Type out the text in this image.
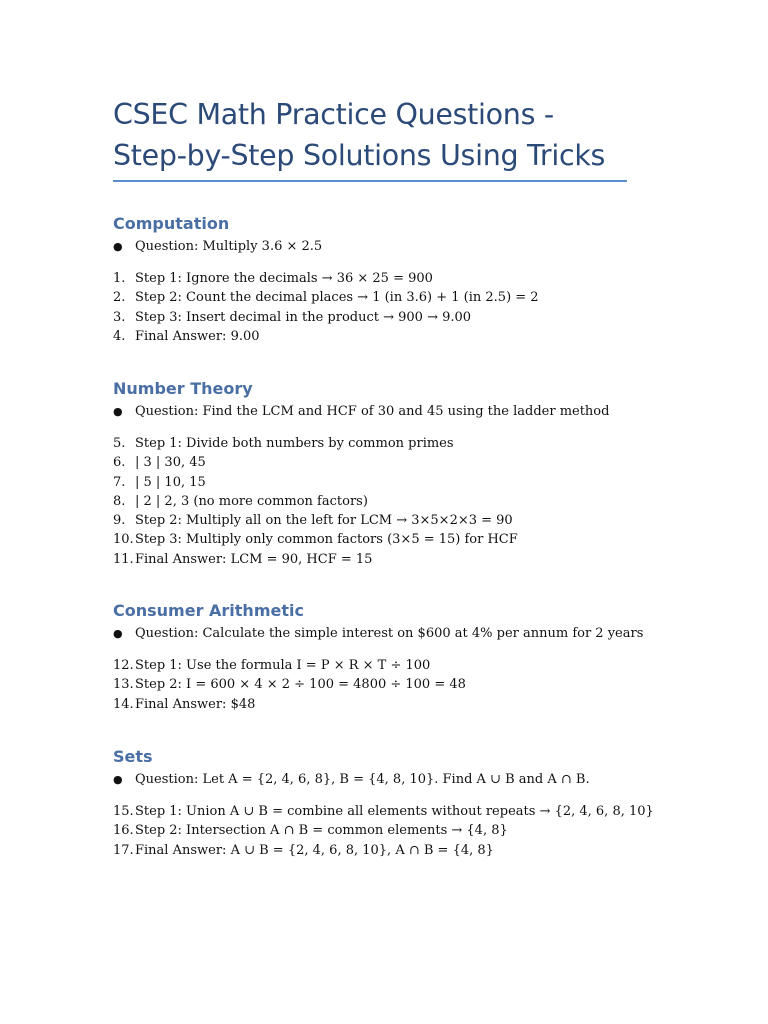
CSEC Math Practice Questions - Step-by-Step Solutions Using Tricks
Computation
● Question: Multiply 3.6 × 2.5
1. Step 1: Ignore the decimals → 36 × 25 = 900
2. Step 2: Count the decimal places → 1 (in 3.6) + 1 (in 2.5) = 2
3. Step 3: Insert decimal in the product → 900 → 9.00
4. Final Answer: 9.00
Number Theory
● Question: Find the LCM and HCF of 30 and 45 using the ladder method
5. Step 1: Divide both numbers by common primes
6. | 3 | 30, 45
7. | 5 | 10, 15
8. | 2 | 2, 3 (no more common factors)
9. Step 2: Multiply all on the left for LCM → 3×5×2×3 = 90
10. Step 3: Multiply only common factors (3×5 = 15) for HCF
11. Final Answer: LCM = 90, HCF = 15
Consumer Arithmetic
● Question: Calculate the simple interest on $600 at 4% per annum for 2 years
12. Step 1: Use the formula I = P × R × T ÷ 100
13. Step 2: I = 600 × 4 × 2 ÷ 100 = 4800 ÷ 100 = 48
14. Final Answer: $48
Sets
● Question: Let A = {2, 4, 6, 8}, B = {4, 8, 10}. Find A ∪ B and A ∩ B.
15. Step 1: Union A ∪ B = combine all elements without repeats → {2, 4, 6, 8, 10}
16. Step 2: Intersection A ∩ B = common elements → {4, 8}
17. Final Answer: A ∪ B = {2, 4, 6, 8, 10}, A ∩ B = {4, 8}
